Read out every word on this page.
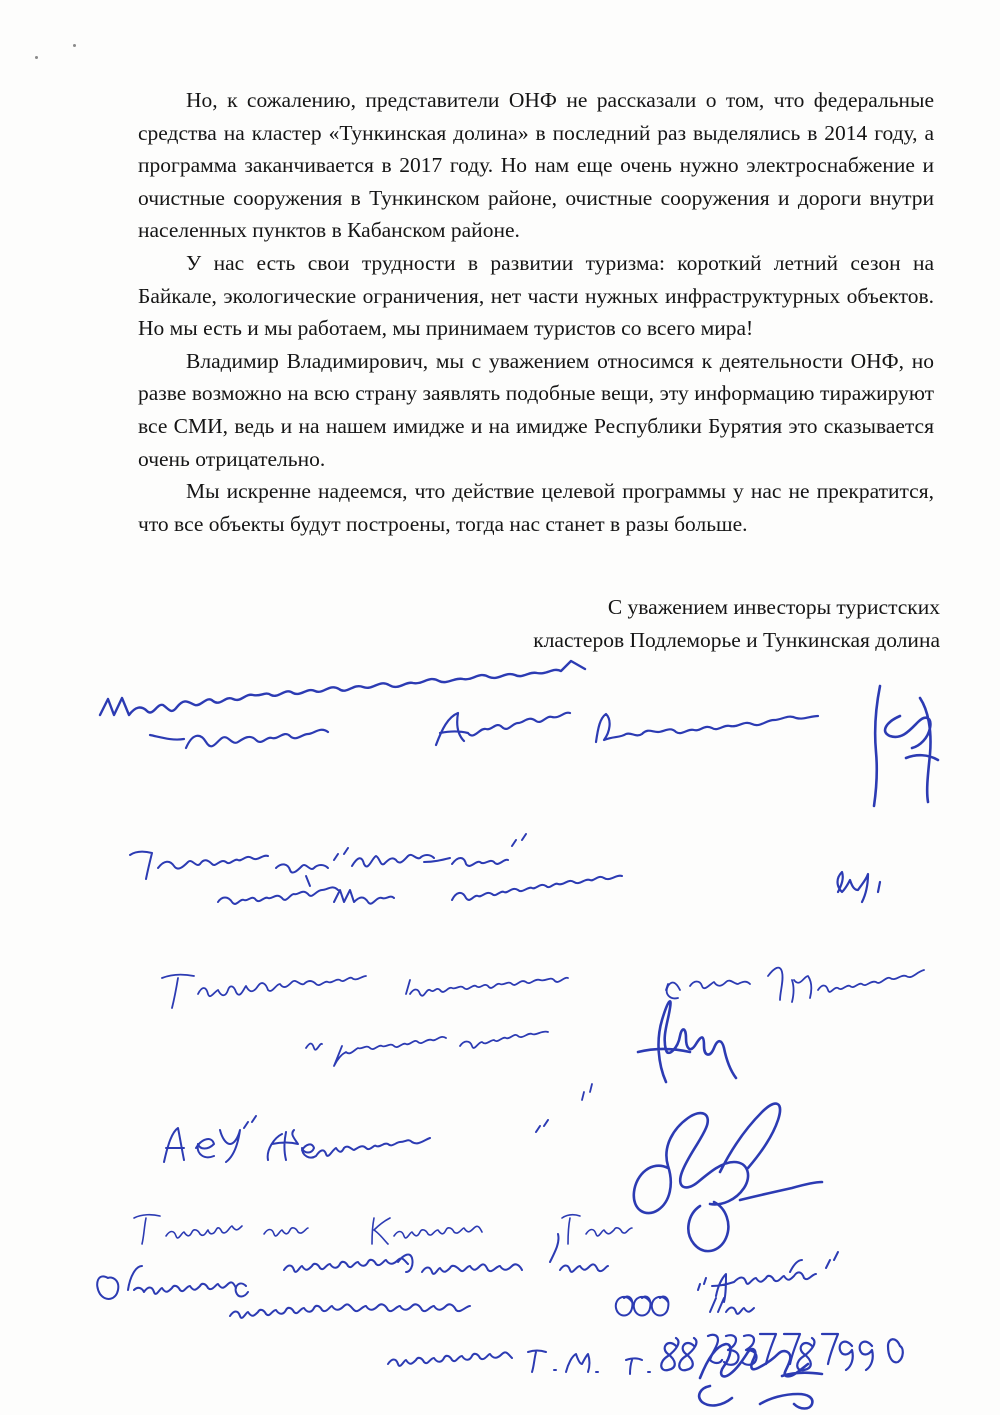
Но, к сожалению, представители ОНФ не рассказали о том, что федеральные средства на кластер «Тункинская долина» в последний раз выделялись в 2014 году, а программа заканчивается в 2017 году. Но нам еще очень нужно электроснабжение и очистные сооружения в Тункинском районе, очистные сооружения и дороги внутри населенных пунктов в Кабанском районе.

У нас есть свои трудности в развитии туризма: короткий летний сезон на Байкале, экологические ограничения, нет части нужных инфраструктурных объектов. Но мы есть и мы работаем, мы принимаем туристов со всего мира!

Владимир Владимирович, мы с уважением относимся к деятельности ОНФ, но разве возможно на всю страну заявлять подобные вещи, эту информацию тиражируют все СМИ, ведь и на нашем имидже и на имидже Республики Бурятия это сказывается очень отрицательно.

Мы искренне надеемся, что действие целевой программы у нас не прекратится, что все объекты будут построены, тогда нас станет в разы больше.

С уважением инвесторы туристских
кластеров Подлеморье и Тункинская долина
